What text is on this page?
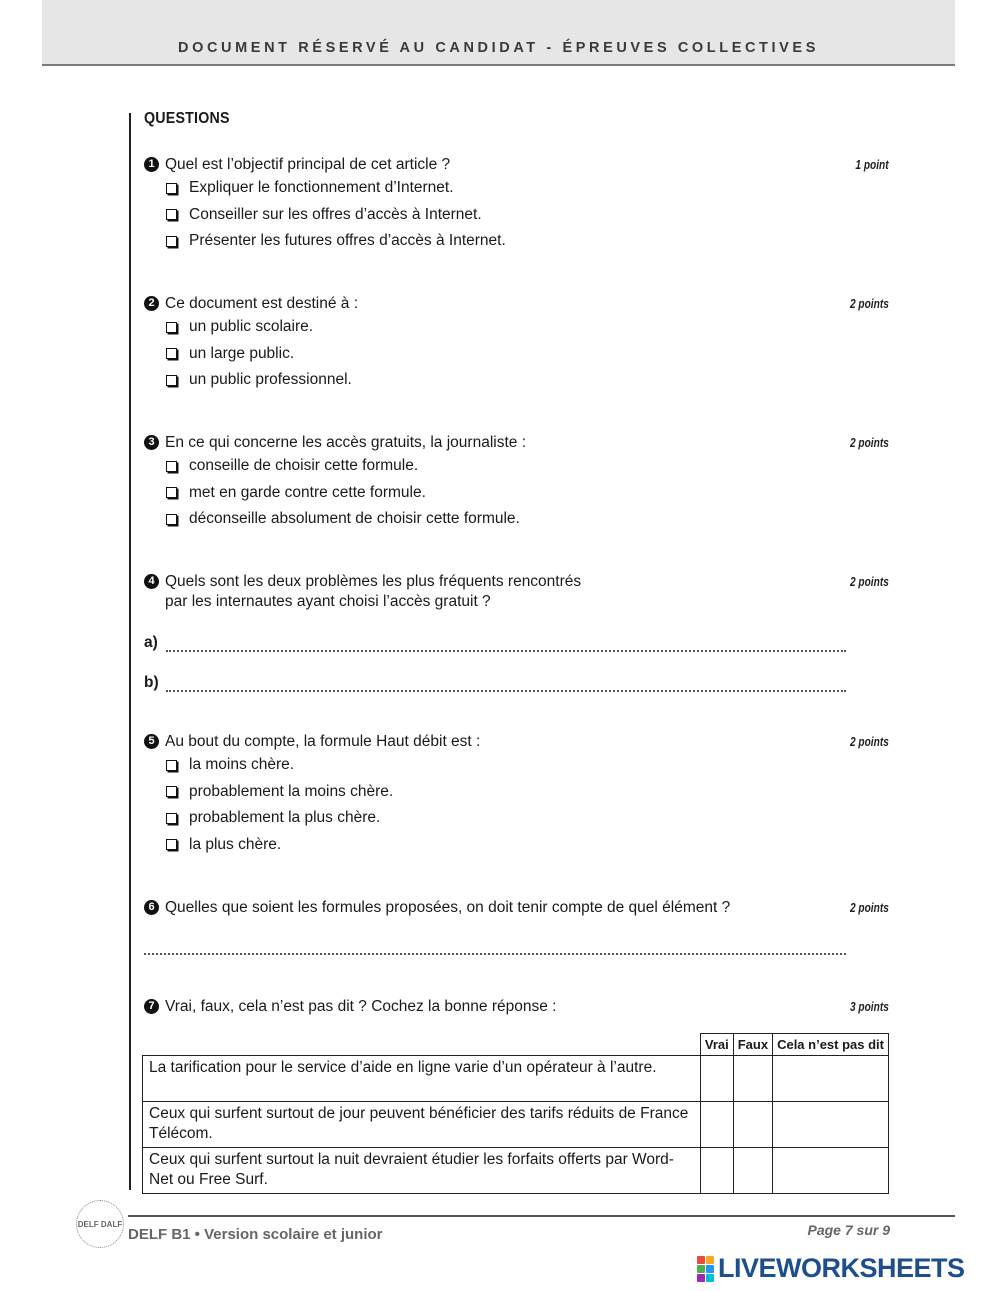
DOCUMENT RÉSERVÉ AU CANDIDAT - ÉPREUVES COLLECTIVES
QUESTIONS
1 Quel est l’objectif principal de cet article ?	1 point
Expliquer le fonctionnement d’Internet.
Conseiller sur les offres d’accès à Internet.
Présenter les futures offres d’accès à Internet.
2 Ce document est destiné à :	2 points
un public scolaire.
un large public.
un public professionnel.
3 En ce qui concerne les accès gratuits, la journaliste :	2 points
conseille de choisir cette formule.
met en garde contre cette formule.
déconseille absolument de choisir cette formule.
4 Quels sont les deux problèmes les plus fréquents rencontrés
par les internautes ayant choisi l’accès gratuit ?
2 points
a)
b)
5 Au bout du compte, la formule Haut débit est :	2 points
la moins chère.
probablement la moins chère.
probablement la plus chère.
la plus chère.
6 Quelles que soient les formules proposées, on doit tenir compte de quel élément ?	2 points
7 Vrai, faux, cela n’est pas dit ? Cochez la bonne réponse :	3 points
	Vrai	Faux	Cela n’est pas dit
La tarification pour le service d’aide en ligne varie d’un opérateur à l’autre.			
Ceux qui surfent surtout de jour peuvent bénéficier des tarifs réduits de France Télécom.			
Ceux qui surfent surtout la nuit devraient étudier les forfaits offerts par Word-Net ou Free Surf.			
DELF DALF
DELF B1 • Version scolaire et junior	Page 7 sur 9
LIVEWORKSHEETS
